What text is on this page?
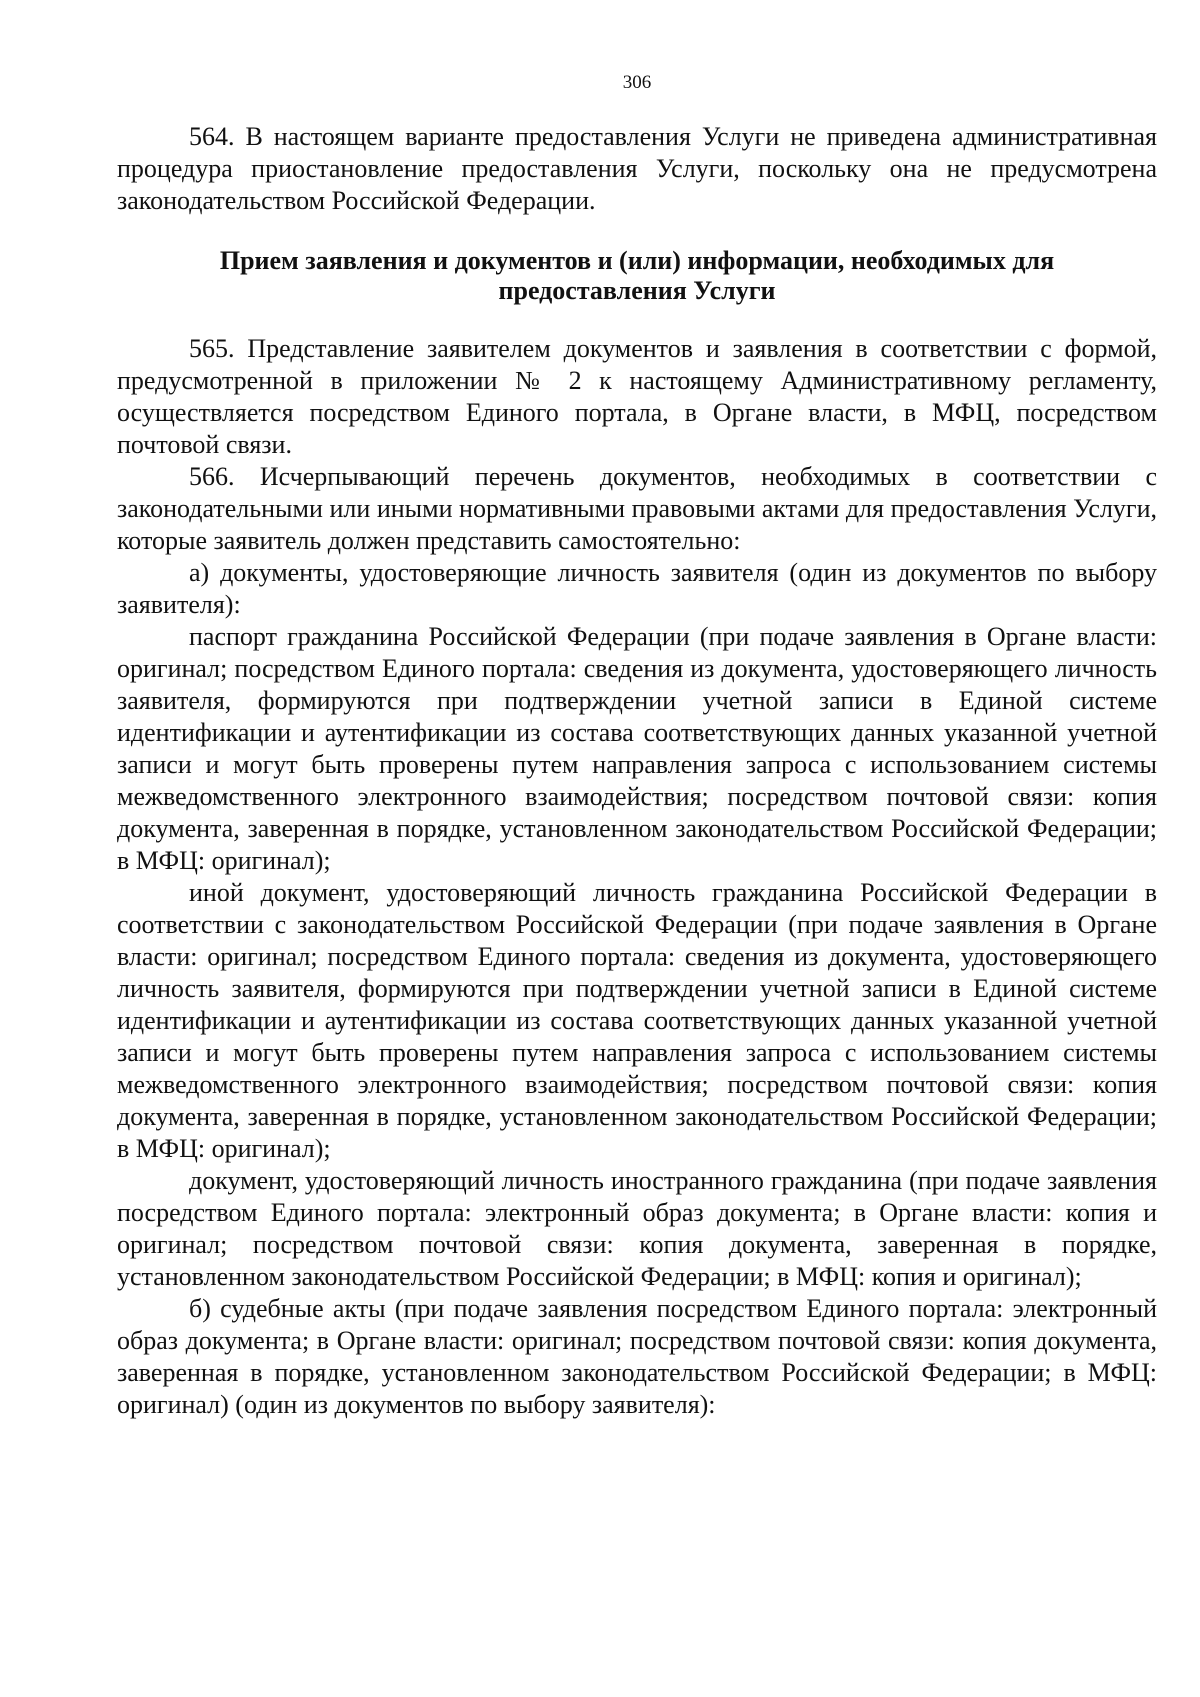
306

564. В настоящем варианте предоставления Услуги не приведена административная процедура приостановление предоставления Услуги, поскольку она не предусмотрена законодательством Российской Федерации.

Прием заявления и документов и (или) информации, необходимых для
предоставления Услуги

565. Представление заявителем документов и заявления в соответствии с формой, предусмотренной в приложении № 2 к настоящему Административному регламенту, осуществляется посредством Единого портала, в Органе власти, в МФЦ, посредством почтовой связи.

566. Исчерпывающий перечень документов, необходимых в соответствии с законодательными или иными нормативными правовыми актами для предоставления Услуги, которые заявитель должен представить самостоятельно:

а) документы, удостоверяющие личность заявителя (один из документов по выбору заявителя):

паспорт гражданина Российской Федерации (при подаче заявления в Органе власти: оригинал; посредством Единого портала: сведения из документа, удостоверяющего личность заявителя, формируются при подтверждении учетной записи в Единой системе идентификации и аутентификации из состава соответствующих данных указанной учетной записи и могут быть проверены путем направления запроса с использованием системы межведомственного электронного взаимодействия; посредством почтовой связи: копия документа, заверенная в порядке, установленном законодательством Российской Федерации; в МФЦ: оригинал);

иной документ, удостоверяющий личность гражданина Российской Федерации в соответствии с законодательством Российской Федерации (при подаче заявления в Органе власти: оригинал; посредством Единого портала: сведения из документа, удостоверяющего личность заявителя, формируются при подтверждении учетной записи в Единой системе идентификации и аутентификации из состава соответствующих данных указанной учетной записи и могут быть проверены путем направления запроса с использованием системы межведомственного электронного взаимодействия; посредством почтовой связи: копия документа, заверенная в порядке, установленном законодательством Российской Федерации; в МФЦ: оригинал);

документ, удостоверяющий личность иностранного гражданина (при подаче заявления посредством Единого портала: электронный образ документа; в Органе власти: копия и оригинал; посредством почтовой связи: копия документа, заверенная в порядке, установленном законодательством Российской Федерации; в МФЦ: копия и оригинал);

б) судебные акты (при подаче заявления посредством Единого портала: электронный образ документа; в Органе власти: оригинал; посредством почтовой связи: копия документа, заверенная в порядке, установленном законодательством Российской Федерации; в МФЦ: оригинал) (один из документов по выбору заявителя):
